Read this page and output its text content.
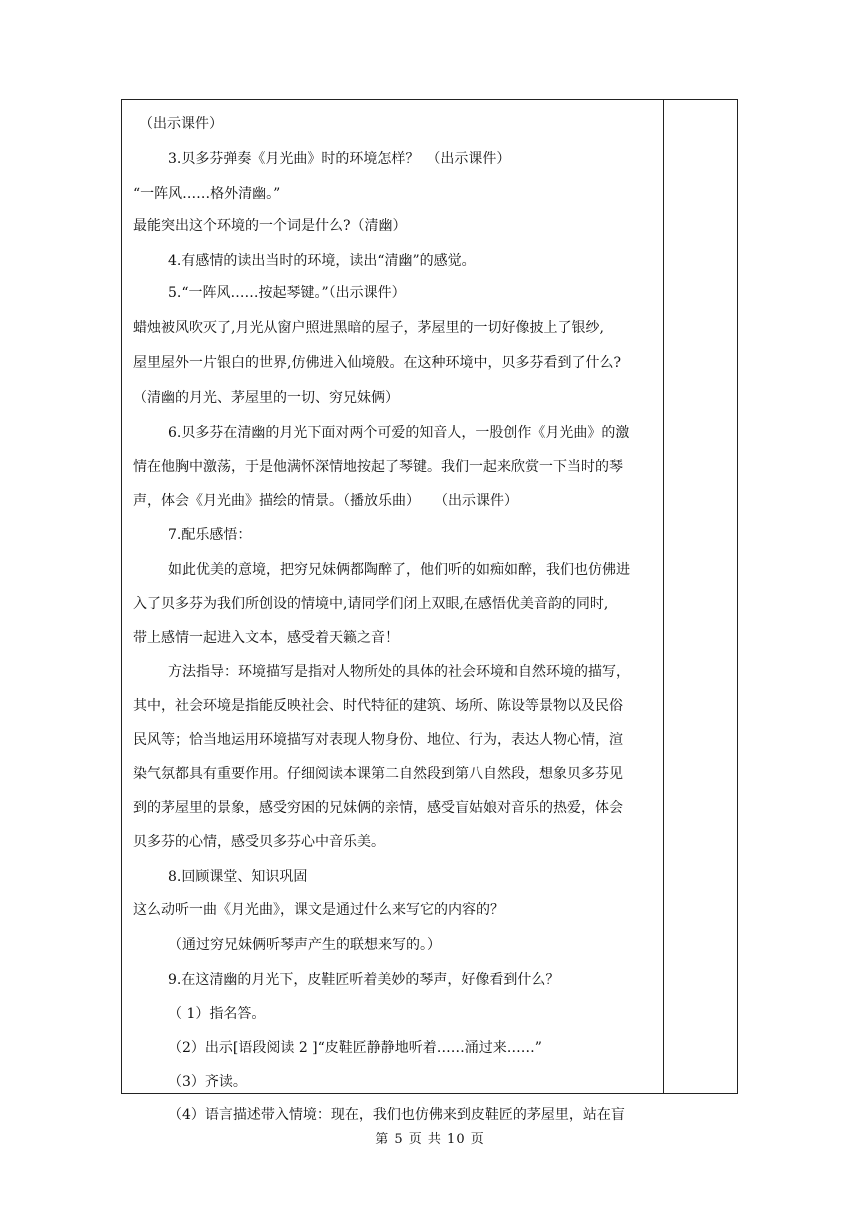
（出示课件）
3.贝多芬弹奏《月光曲》时的环境怎样？　（出示课件）
“一阵风……格外清幽。”
最能突出这个环境的一个词是什么?（清幽）
4.有感情的读出当时的环境，读出“清幽”的感觉。
5.“一阵风……按起琴键。”（出示课件）
蜡烛被风吹灭了,月光从窗户照进黑暗的屋子，茅屋里的一切好像披上了银纱,
屋里屋外一片银白的世界,仿佛进入仙境般。在这种环境中，贝多芬看到了什么?
（清幽的月光、茅屋里的一切、穷兄妹俩）
6.贝多芬在清幽的月光下面对两个可爱的知音人，一股创作《月光曲》的激
情在他胸中激荡，于是他满怀深情地按起了琴键。我们一起来欣赏一下当时的琴
声，体会《月光曲》描绘的情景。（播放乐曲）　　（出示课件）
7.配乐感悟：
如此优美的意境，把穷兄妹俩都陶醉了，他们听的如痴如醉，我们也仿佛进
入了贝多芬为我们所创设的情境中,请同学们闭上双眼,在感悟优美音韵的同时,
带上感情一起进入文本，感受着天籁之音！
方法指导：环境描写是指对人物所处的具体的社会环境和自然环境的描写，
其中，社会环境是指能反映社会、时代特征的建筑、场所、陈设等景物以及民俗
民风等；恰当地运用环境描写对表现人物身份、地位、行为，表达人物心情，渲
染气氛都具有重要作用。仔细阅读本课第二自然段到第八自然段，想象贝多芬见
到的茅屋里的景象，感受穷困的兄妹俩的亲情，感受盲姑娘对音乐的热爱，体会
贝多芬的心情，感受贝多芬心中音乐美。
8.回顾课堂、知识巩固
这么动听一曲《月光曲》，课文是通过什么来写它的内容的？
（通过穷兄妹俩听琴声产生的联想来写的。）
9.在这清幽的月光下，皮鞋匠听着美妙的琴声，好像看到什么？
（ 1）指名答。
（2）出示[语段阅读 2 ]“皮鞋匠静静地听着……涌过来……”
（3）齐读。
（4）语言描述带入情境：现在，我们也仿佛来到皮鞋匠的茅屋里，站在盲
第 5 页 共 10 页
